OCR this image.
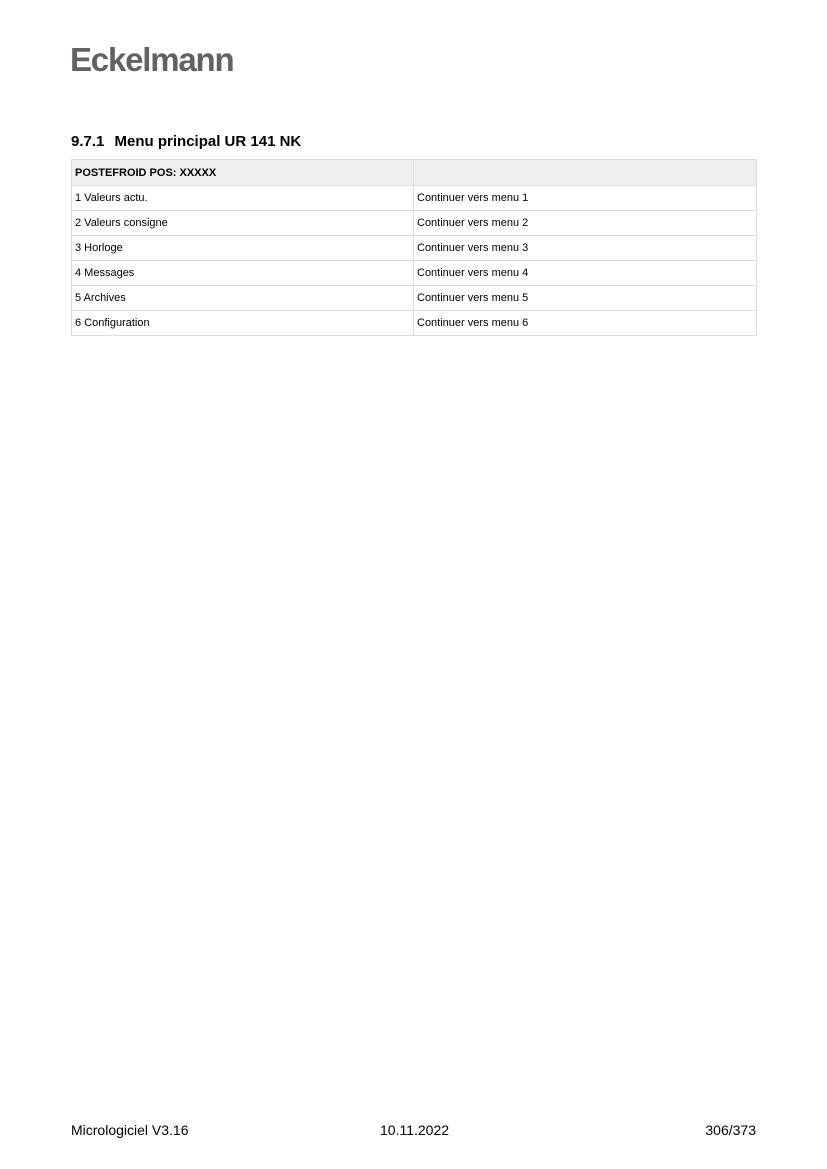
Eckelmann
9.7.1 Menu principal UR 141 NK
POSTEFROID POS: XXXXX	
1 Valeurs actu.	Continuer vers menu 1
2 Valeurs consigne	Continuer vers menu 2
3 Horloge	Continuer vers menu 3
4 Messages	Continuer vers menu 4
5 Archives	Continuer vers menu 5
6 Configuration	Continuer vers menu 6
Micrologiciel V3.16	10.11.2022	306/373
